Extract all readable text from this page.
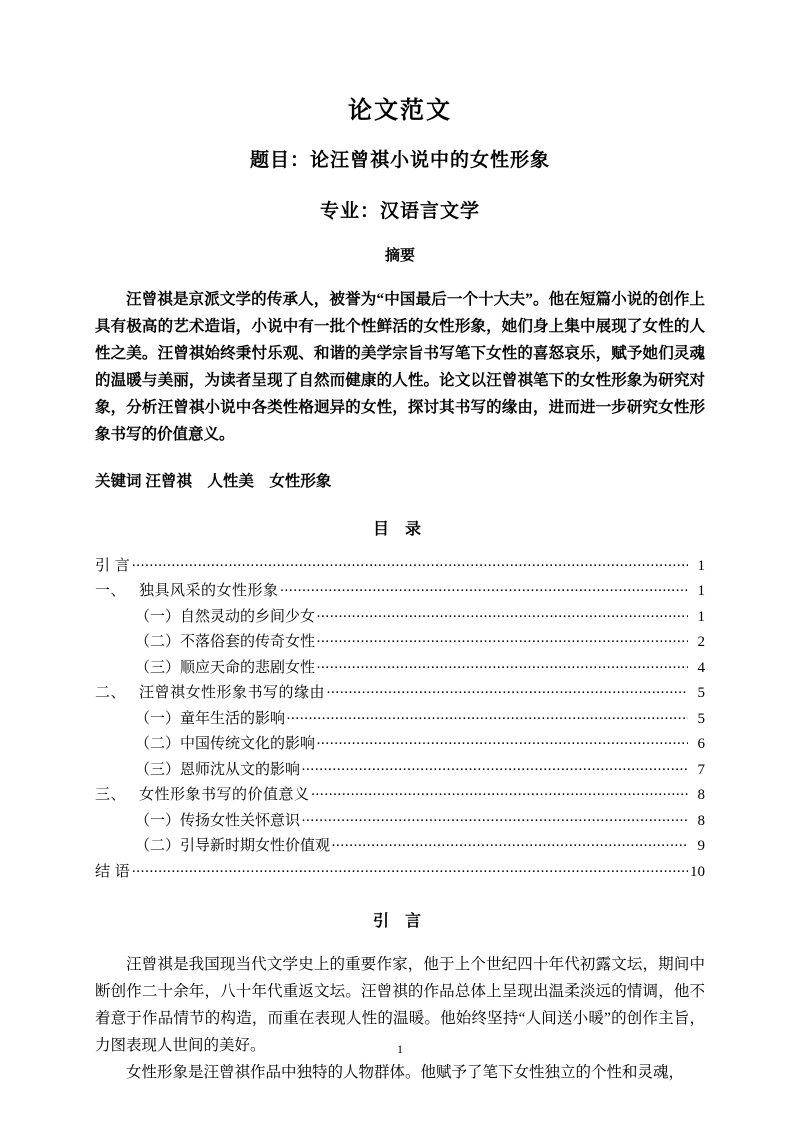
论文范文
题目：论汪曾祺小说中的女性形象
专业：汉语言文学
摘要

汪曾祺是京派文学的传承人，被誉为“中国最后一个十大夫”。他在短篇小说的创作上具有极高的艺术造诣，小说中有一批个性鲜活的女性形象，她们身上集中展现了女性的人性之美。汪曾祺始终秉忖乐观、和谐的美学宗旨书写笔下女性的喜怒哀乐，赋予她们灵魂的温暖与美丽，为读者呈现了自然而健康的人性。论文以汪曾祺笔下的女性形象为研究对象，分析汪曾祺小说中各类性格迥异的女性，探讨其书写的缘由，进而进一步研究女性形象书写的价值意义。

关键词 汪曾祺　人性美　女性形象

目 录
引 言 ·····	1
一、 独具风采的女性形象 ·····	1
（一）自然灵动的乡间少女 ·····	1
（二）不落俗套的传奇女性 ·····	2
（三）顺应天命的悲剧女性 ·····	4
二、 汪曾祺女性形象书写的缘由 ·····	5
（一）童年生活的影响 ·····	5
（二）中国传统文化的影响 ·····	6
（三）恩师沈从文的影响 ·····	7
三、 女性形象书写的价值意义 ·····	8
（一）传扬女性关怀意识 ·····	8
（二）引导新时期女性价值观 ·····	9
结 语 ·····	10
引 言

汪曾祺是我国现当代文学史上的重要作家，他于上个世纪四十年代初露文坛，期间中断创作二十余年，八十年代重返文坛。汪曾祺的作品总体上呈现出温柔淡远的情调，他不着意于作品情节的构造，而重在表现人性的温暖。他始终坚持“人间送小暖”的创作主旨，力图表现人世间的美好。

女性形象是汪曾祺作品中独特的人物群体。他赋予了笔下女性独立的个性和灵魂，

1
